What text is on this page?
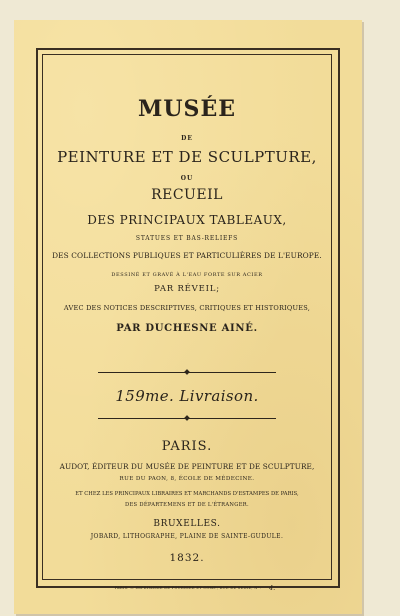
MUSÉE
DE
PEINTURE ET DE SCULPTURE,
OU
RECUEIL
DES PRINCIPAUX TABLEAUX,
STATUES ET BAS-RELIEFS
DES COLLECTIONS PUBLIQUES ET PARTICULIÈRES DE L'EUROPE.
DESSINÉ ET GRAVÉ À L'EAU FORTE SUR ACIER
PAR RÉVEIL;
AVEC DES NOTICES DESCRIPTIVES, CRITIQUES ET HISTORIQUES,
PAR DUCHESNE AINÉ.
159me. Livraison.
PARIS.
AUDOT, ÉDITEUR DU MUSÉE DE PEINTURE ET DE SCULPTURE,
RUE DU PAON, 8, ÉCOLE DE MÉDECINE.
ET CHEZ LES PRINCIPAUX LIBRAIRES ET MARCHANDS D'ESTAMPES DE PARIS,
DES DÉPARTEMENS ET DE L'ÉTRANGER.
BRUXELLES.
JOBARD, LITHOGRAPHE, PLAINE DE SAINTE-GUDULE.
1832.
PARIS. — IMPRIMERIE DE FOURNIER ET COMP., RUE DE SEINE, Nº.	4.
